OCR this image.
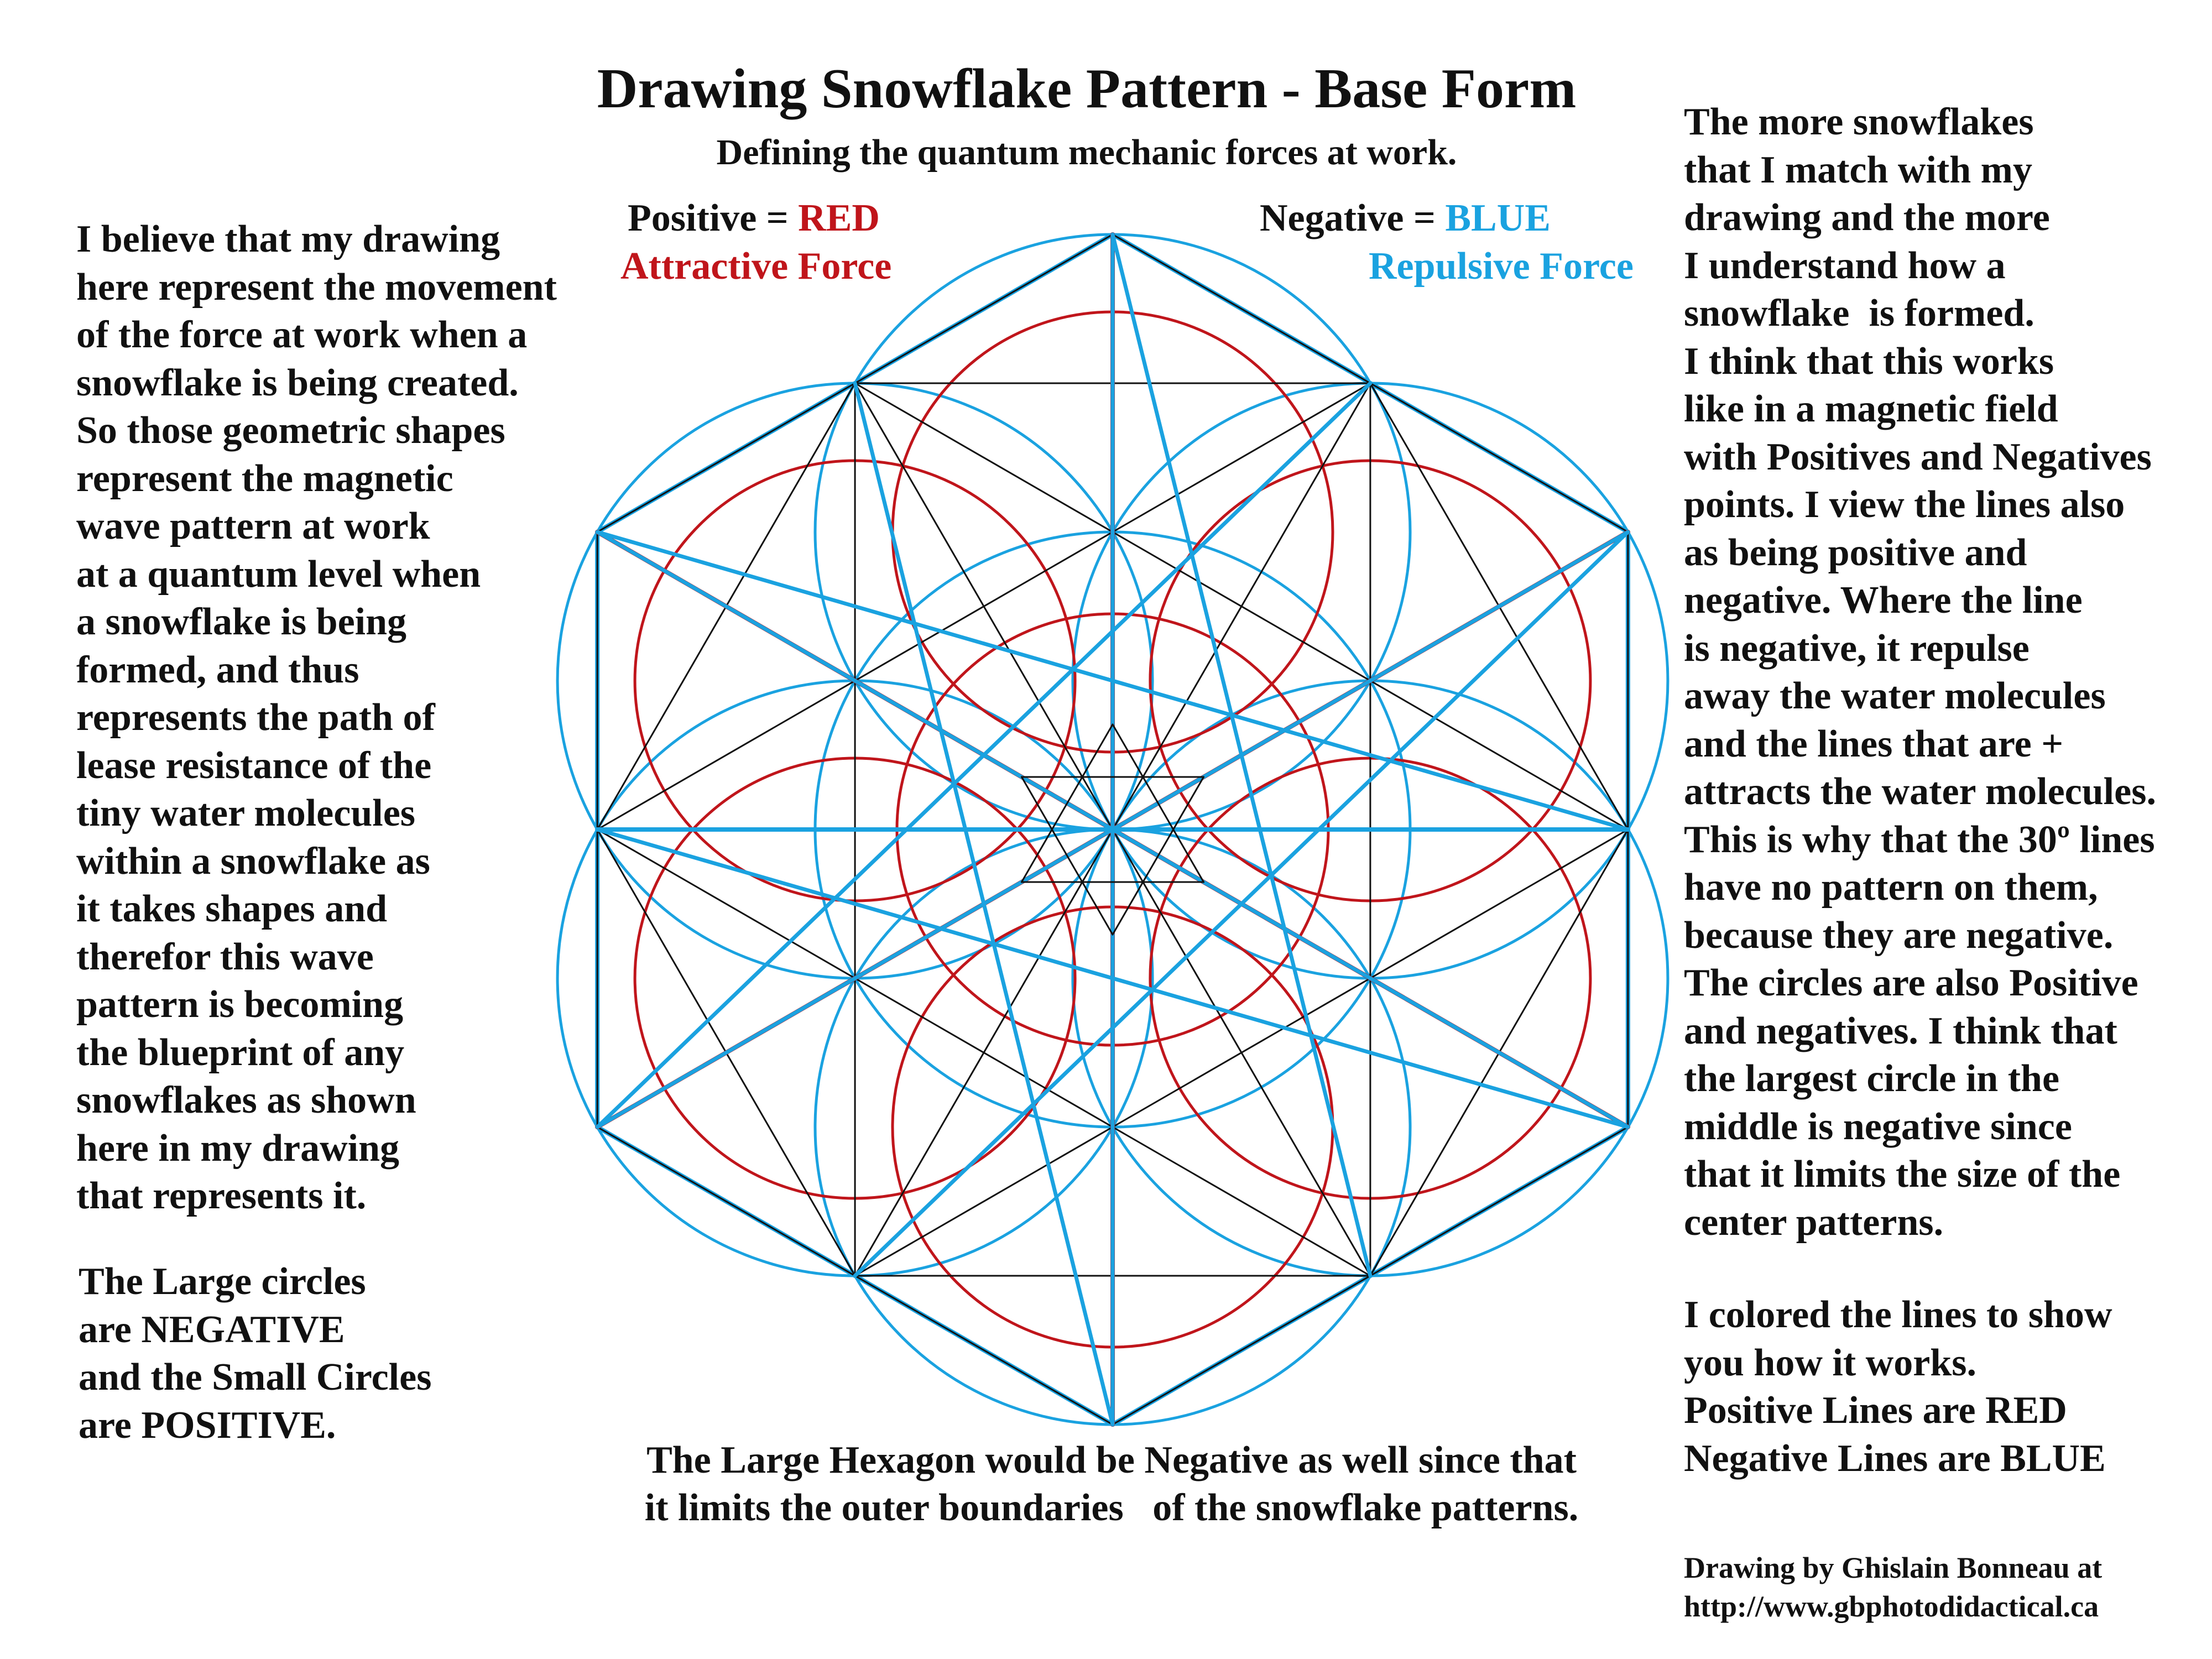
Drawing Snowflake Pattern - Base Form
Defining the quantum mechanic forces at work.
Positive = RED
Attractive Force
Negative = BLUE
Repulsive Force
I believe that my drawing
here represent the movement
of the force at work when a
snowflake is being created.
So those geometric shapes
represent the magnetic
wave pattern at work
at a quantum level when
a snowflake is being
formed, and thus
represents the path of
lease resistance of the
tiny water molecules
within a snowflake as
it takes shapes and
therefor this wave
pattern is becoming
the blueprint of any
snowflakes as shown
here in my drawing
that represents it.
The Large circles
are NEGATIVE
and the Small Circles
are POSITIVE.
The more snowflakes
that I match with my
drawing and the more
I understand how a
snowflake  is formed.
I think that this works
like in a magnetic field
with Positives and Negatives
points. I view the lines also
as being positive and
negative. Where the line
is negative, it repulse
away the water molecules
and the lines that are +
attracts the water molecules.
This is why that the 30º lines
have no pattern on them,
because they are negative.
The circles are also Positive
and negatives. I think that
the largest circle in the
middle is negative since
that it limits the size of the
center patterns.
I colored the lines to show
you how it works.
Positive Lines are RED
Negative Lines are BLUE
Drawing by Ghislain Bonneau at
http://www.gbphotodidactical.ca
The Large Hexagon would be Negative as well since that
it limits the outer boundaries   of the snowflake patterns.
